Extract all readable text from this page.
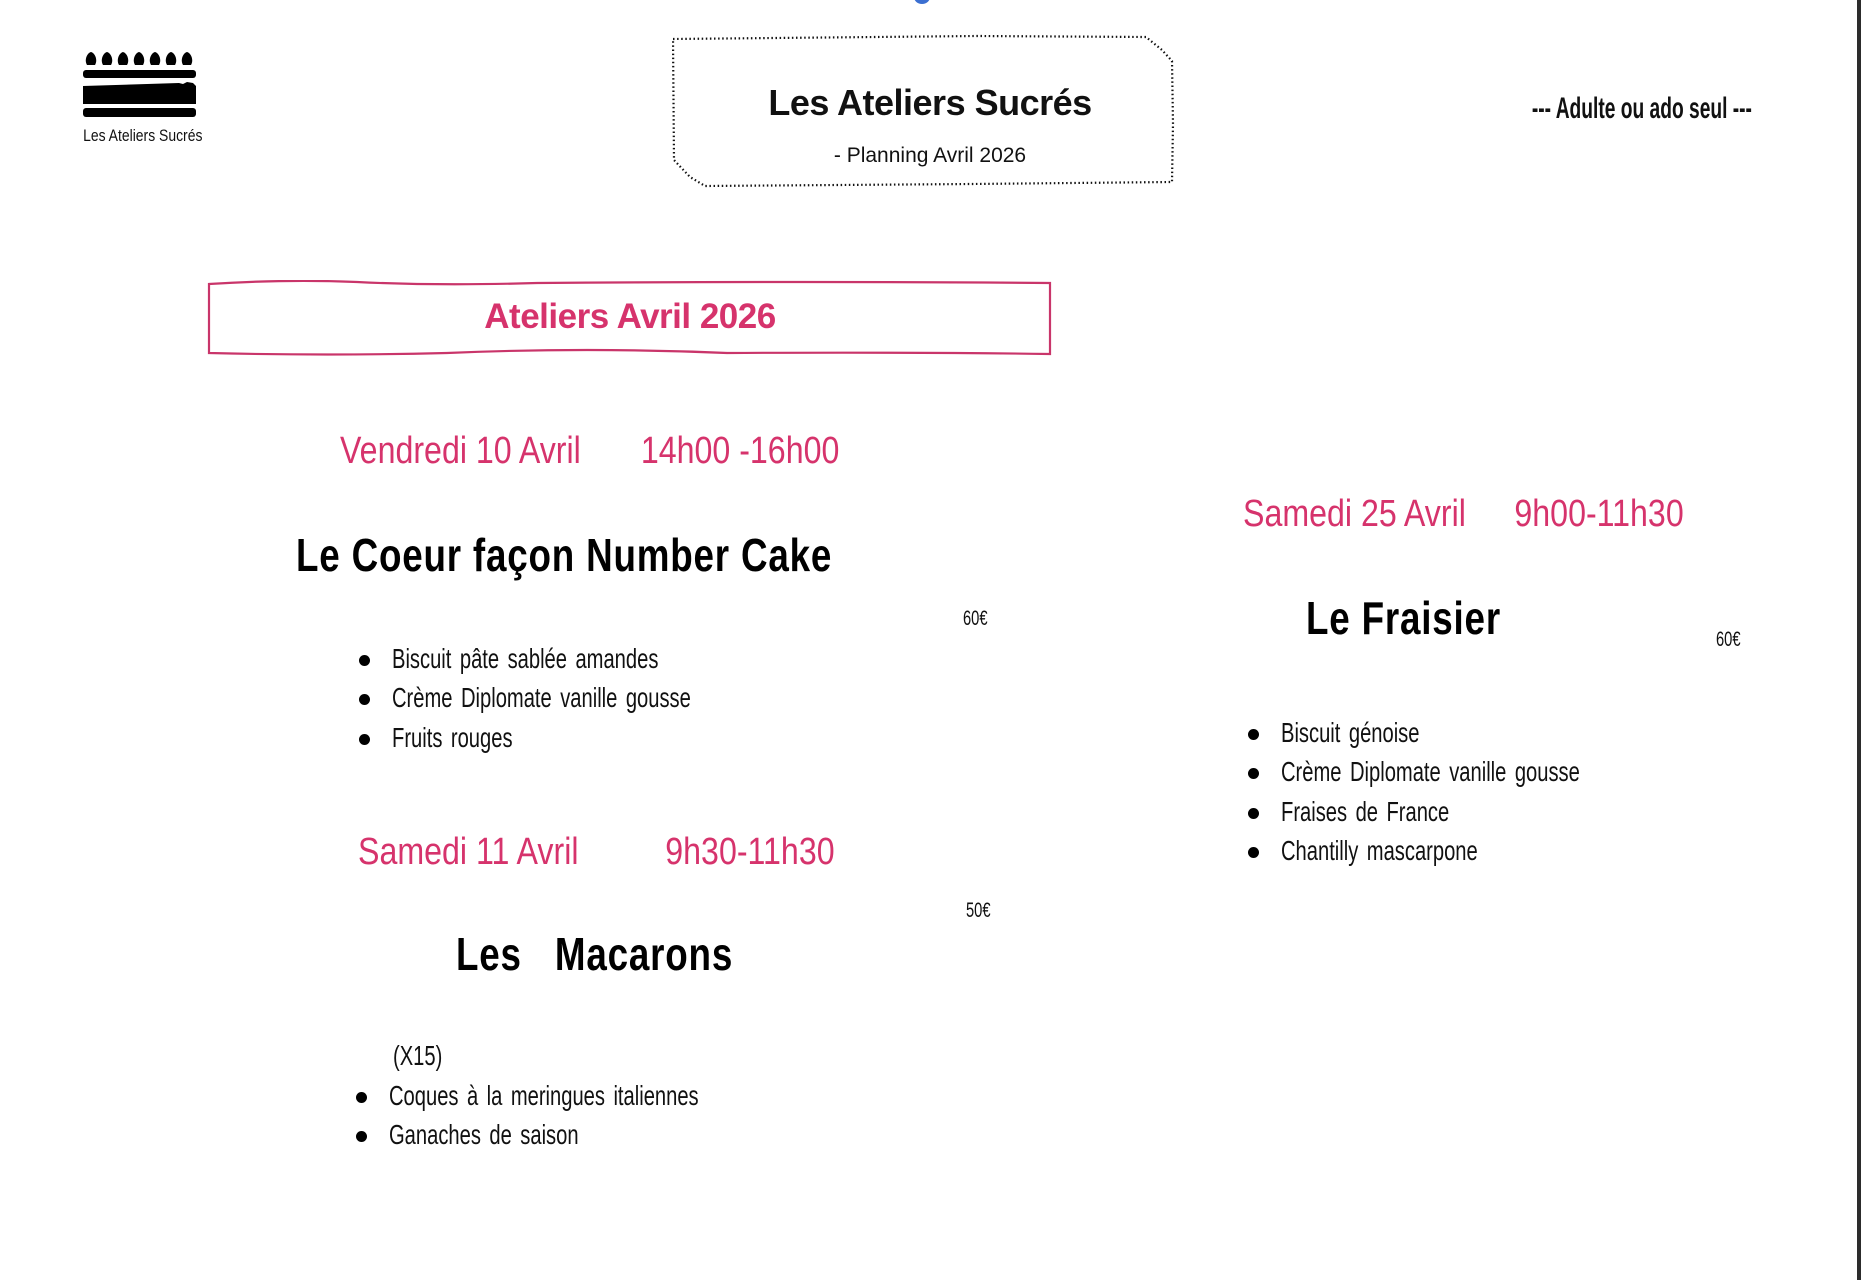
Les Ateliers Sucrés
Les Ateliers Sucrés
- Planning Avril 2026
--- Adulte ou ado seul ---
Ateliers Avril 2026
Vendredi 10 Avril 14h00 -16h00
Le Coeur façon Number Cake
60€
Biscuit pâte sablée amandes
Crème Diplomate vanille gousse
Fruits rouges
Samedi 11 Avril 9h30-11h30
50€
Les   Macarons
(X15)
Coques à la meringues italiennes
Ganaches de saison
Samedi 25 Avril 9h00-11h30
Le Fraisier	60€
Biscuit génoise
Crème Diplomate vanille gousse
Fraises de France
Chantilly mascarpone
